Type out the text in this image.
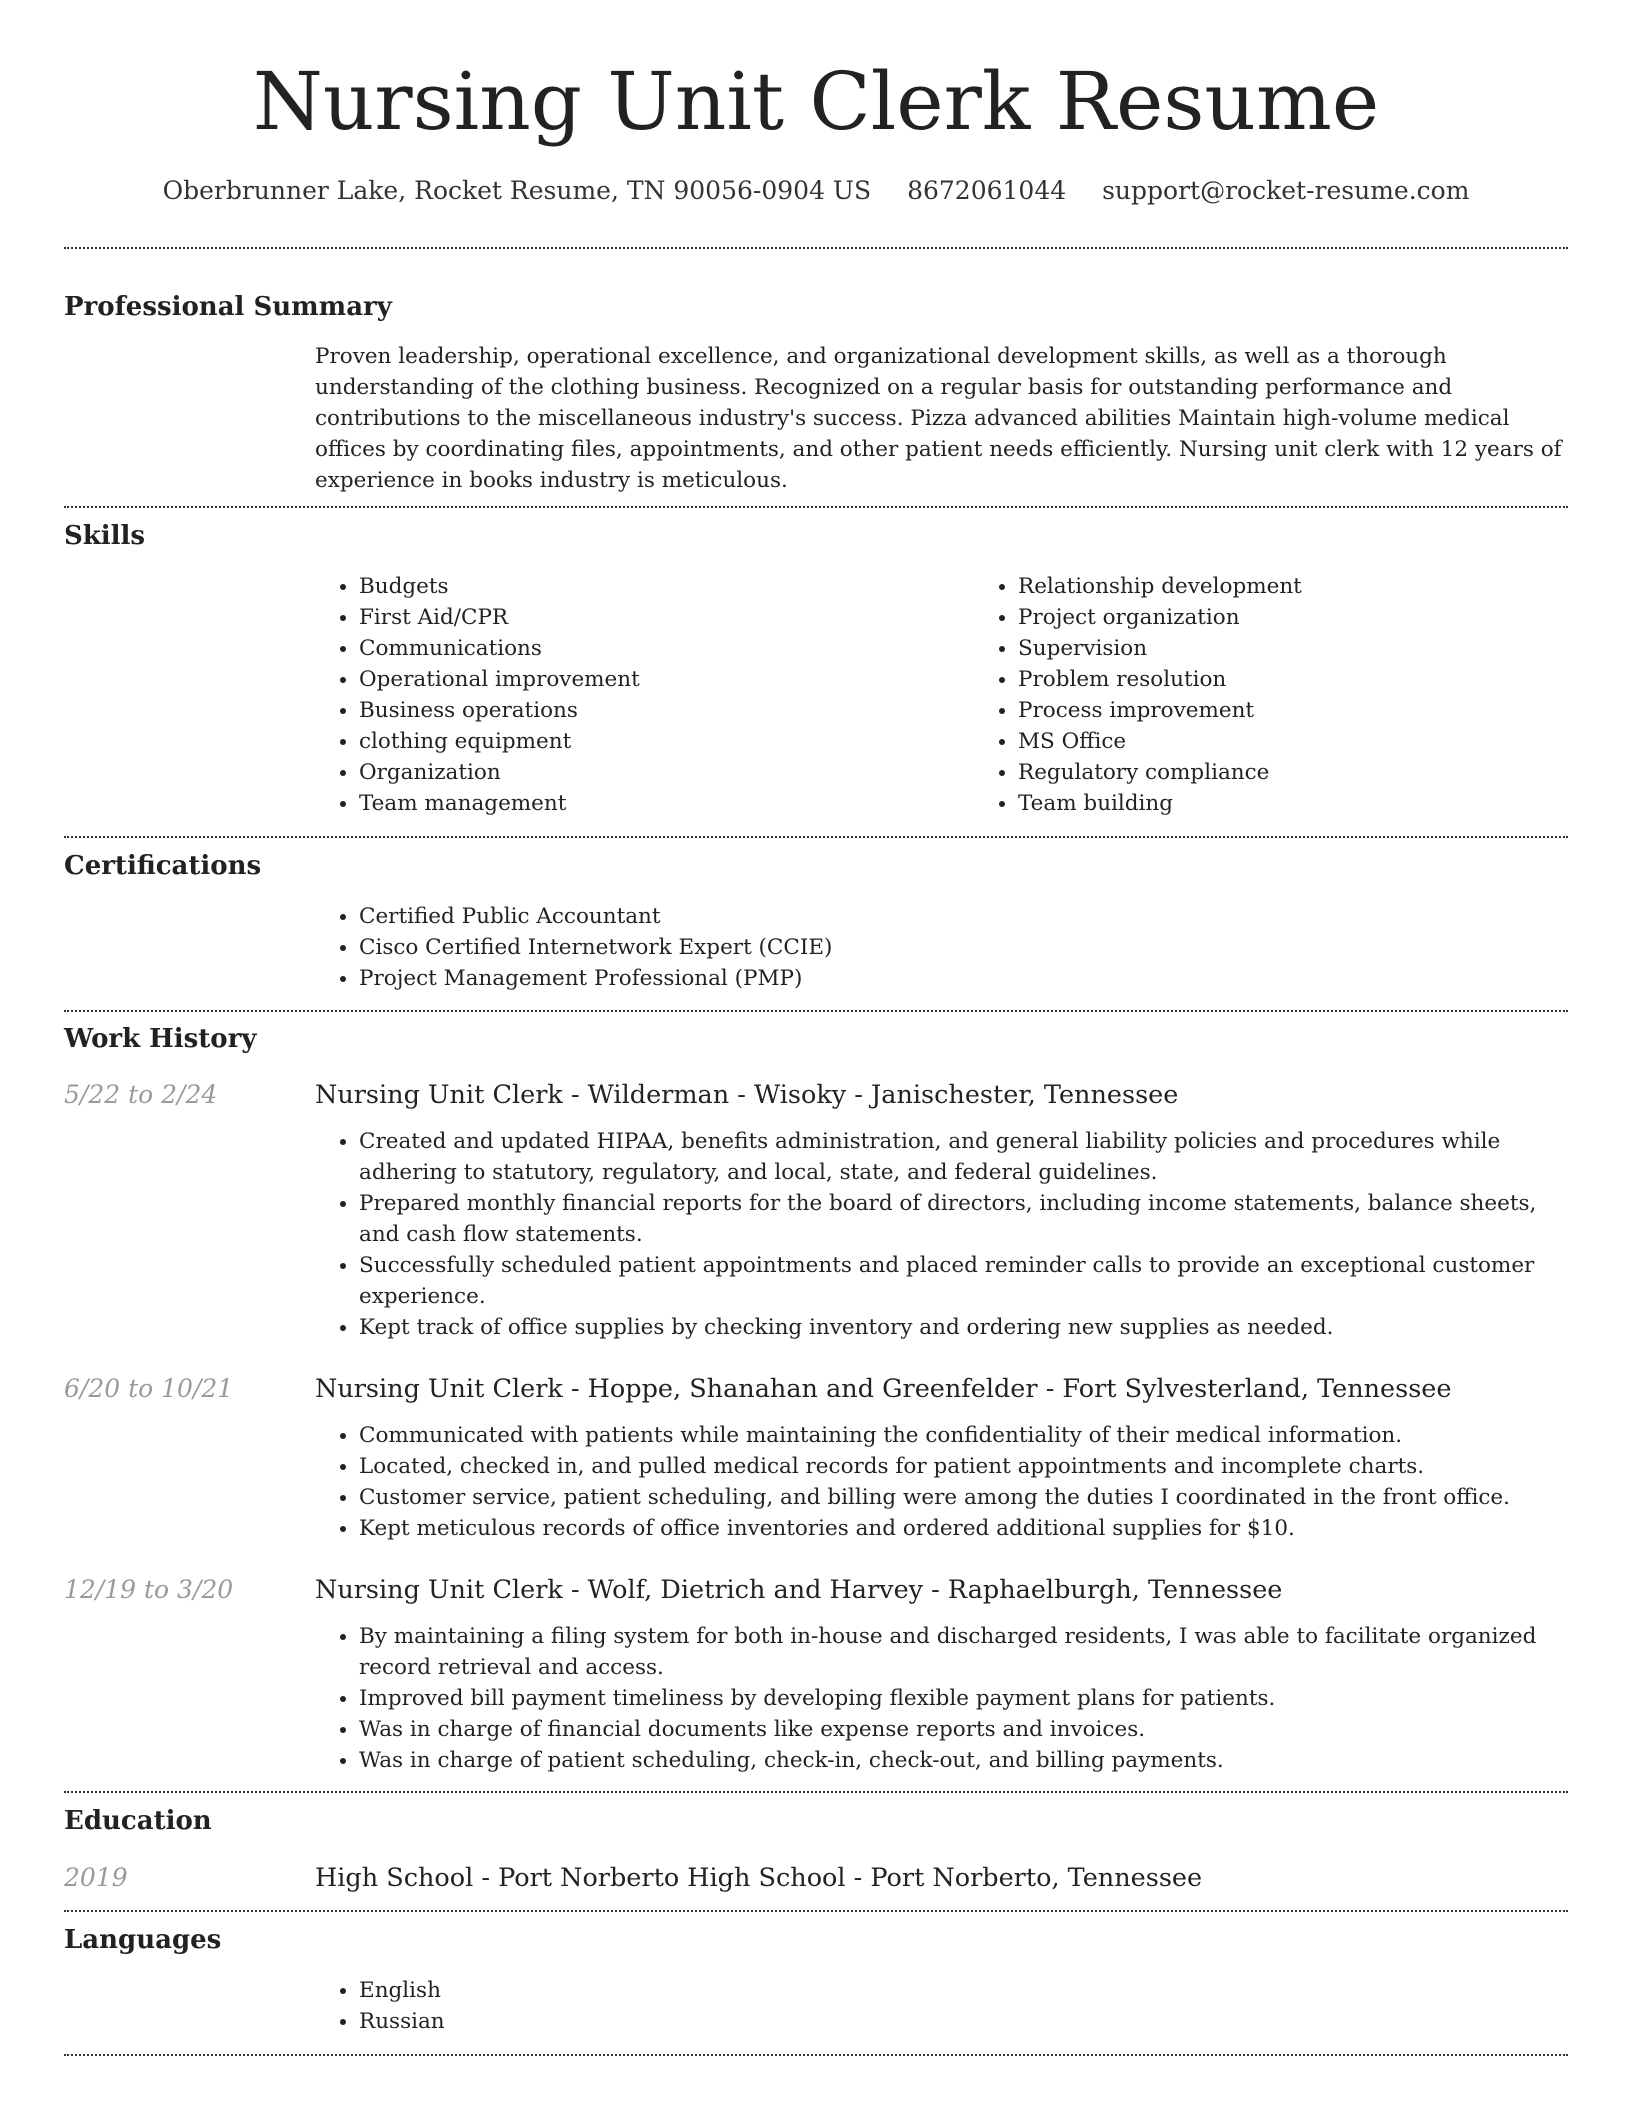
Nursing Unit Clerk Resume
Oberbrunner Lake, Rocket Resume, TN 90056-0904 US 8672061044 support@rocket-resume.com
Professional Summary

Proven leadership, operational excellence, and organizational development skills, as well as a thorough understanding of the clothing business. Recognized on a regular basis for outstanding performance and contributions to the miscellaneous industry's success. Pizza advanced abilities Maintain high-volume medical offices by coordinating files, appointments, and other patient needs efficiently. Nursing unit clerk with 12 years of experience in books industry is meticulous.

Skills
• Budgets
• First Aid/CPR
• Communications
• Operational improvement
• Business operations
• clothing equipment
• Organization
• Team management
• Relationship development
• Project organization
• Supervision
• Problem resolution
• Process improvement
• MS Office
• Regulatory compliance
• Team building
Certifications
• Certified Public Accountant
• Cisco Certified Internetwork Expert (CCIE)
• Project Management Professional (PMP)
Work History
5/22 to 2/24	Nursing Unit Clerk - Wilderman - Wisoky - Janischester, Tennessee
• Created and updated HIPAA, benefits administration, and general liability policies and procedures while adhering to statutory, regulatory, and local, state, and federal guidelines.
• Prepared monthly financial reports for the board of directors, including income statements, balance sheets, and cash flow statements.
• Successfully scheduled patient appointments and placed reminder calls to provide an exceptional customer experience.
• Kept track of office supplies by checking inventory and ordering new supplies as needed.
6/20 to 10/21	Nursing Unit Clerk - Hoppe, Shanahan and Greenfelder - Fort Sylvesterland, Tennessee
• Communicated with patients while maintaining the confidentiality of their medical information.
• Located, checked in, and pulled medical records for patient appointments and incomplete charts.
• Customer service, patient scheduling, and billing were among the duties I coordinated in the front office.
• Kept meticulous records of office inventories and ordered additional supplies for $10.
12/19 to 3/20	Nursing Unit Clerk - Wolf, Dietrich and Harvey - Raphaelburgh, Tennessee
• By maintaining a filing system for both in-house and discharged residents, I was able to facilitate organized record retrieval and access.
• Improved bill payment timeliness by developing flexible payment plans for patients.
• Was in charge of financial documents like expense reports and invoices.
• Was in charge of patient scheduling, check-in, check-out, and billing payments.
Education
2019	High School - Port Norberto High School - Port Norberto, Tennessee
Languages
• English
• Russian
